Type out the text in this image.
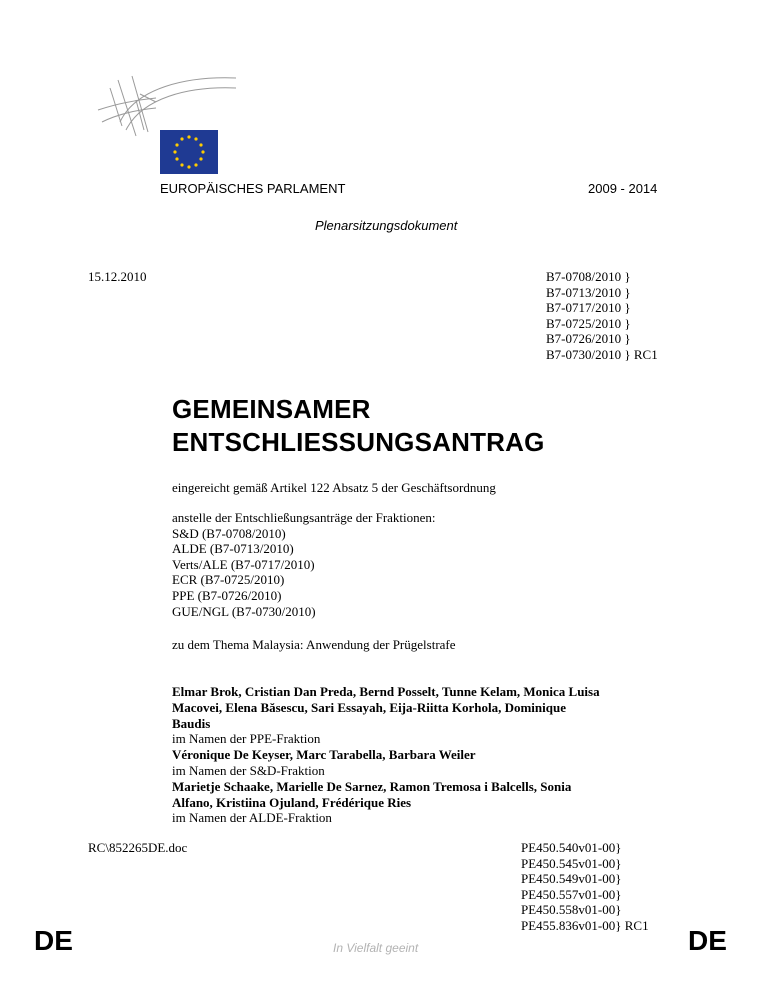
EUROPÄISCHES PARLAMENT	2009 - 2014
Plenarsitzungsdokument
15.12.2010	B7-0708/2010 }
B7-0713/2010 }
B7-0717/2010 }
B7-0725/2010 }
B7-0726/2010 }
B7-0730/2010 } RC1
GEMEINSAMER
ENTSCHLIESSUNGSANTRAG
eingereicht gemäß Artikel 122 Absatz 5 der Geschäftsordnung
anstelle der Entschließungsanträge der Fraktionen:
S&D (B7-0708/2010)
ALDE (B7-0713/2010)
Verts/ALE (B7-0717/2010)
ECR (B7-0725/2010)
PPE (B7-0726/2010)
GUE/NGL (B7-0730/2010)
zu dem Thema Malaysia: Anwendung der Prügelstrafe
Elmar Brok, Cristian Dan Preda, Bernd Posselt, Tunne Kelam, Monica Luisa
Macovei, Elena Băsescu, Sari Essayah, Eija-Riitta Korhola, Dominique
Baudis
im Namen der PPE-Fraktion
Véronique De Keyser, Marc Tarabella, Barbara Weiler
im Namen der S&D-Fraktion
Marietje Schaake, Marielle De Sarnez, Ramon Tremosa i Balcells, Sonia
Alfano, Kristiina Ojuland, Frédérique Ries
im Namen der ALDE-Fraktion
RC\852265DE.doc	PE450.540v01-00}
PE450.545v01-00}
PE450.549v01-00}
PE450.557v01-00}
PE450.558v01-00}
PE455.836v01-00} RC1
DE	In Vielfalt geeint	DE
